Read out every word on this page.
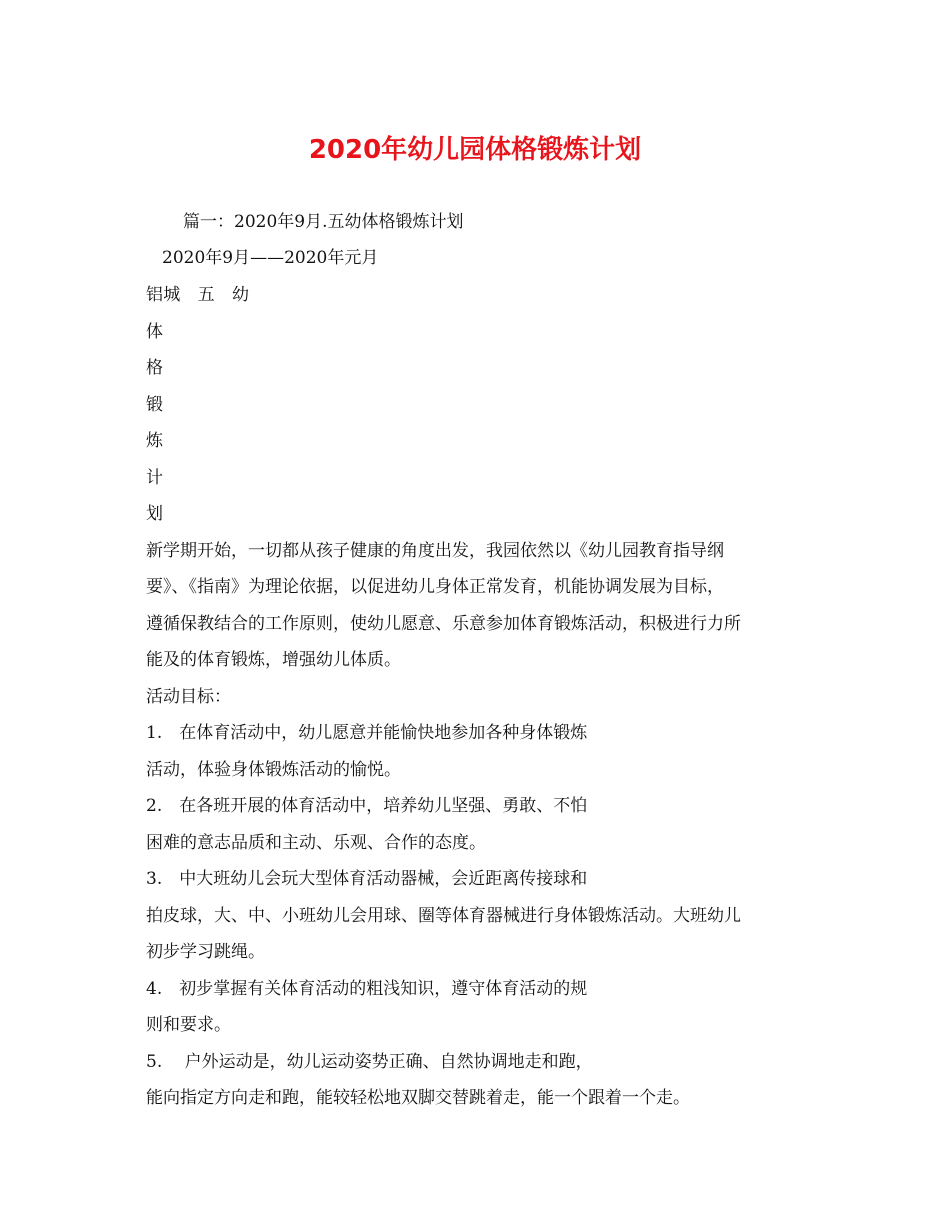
2020年幼儿园体格锻炼计划

篇一：2020年9月.五幼体格锻炼计划

2020年9月——2020年元月

铝城　五　幼

体

格

锻

炼

计

划

新学期开始，一切都从孩子健康的角度出发，我园依然以《幼儿园教育指导纲

要》、《指南》为理论依据，以促进幼儿身体正常发育，机能协调发展为目标，

遵循保教结合的工作原则，使幼儿愿意、乐意参加体育锻炼活动，积极进行力所

能及的体育锻炼，增强幼儿体质。

活动目标：

1.　在体育活动中，幼儿愿意并能愉快地参加各种身体锻炼

活动，体验身体锻炼活动的愉悦。

2.　在各班开展的体育活动中，培养幼儿坚强、勇敢、不怕

困难的意志品质和主动、乐观、合作的态度。

3.　中大班幼儿会玩大型体育活动器械，会近距离传接球和

拍皮球，大、中、小班幼儿会用球、圈等体育器械进行身体锻炼活动。大班幼儿

初步学习跳绳。

4.　初步掌握有关体育活动的粗浅知识，遵守体育活动的规

则和要求。

5.　 户外运动是，幼儿运动姿势正确、自然协调地走和跑，

能向指定方向走和跑，能较轻松地双脚交替跳着走，能一个跟着一个走。
